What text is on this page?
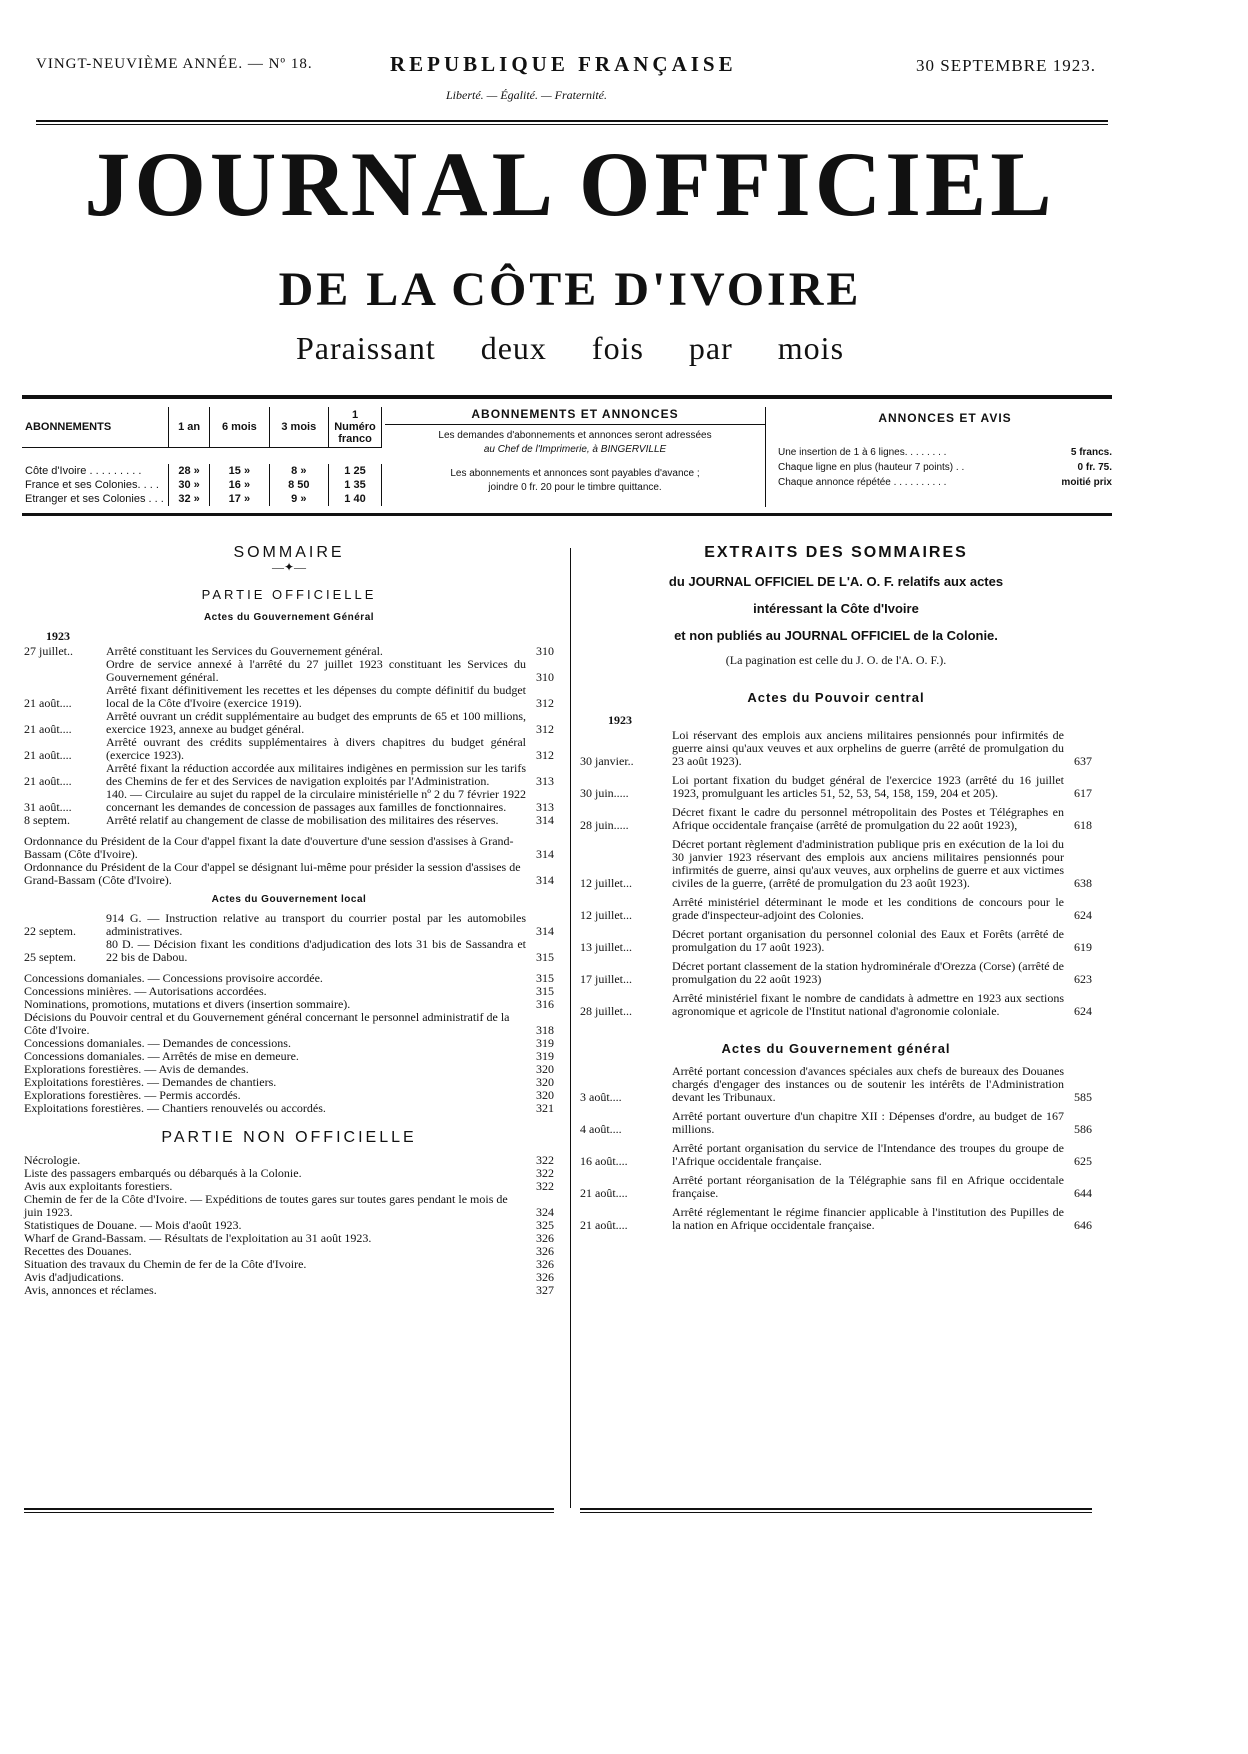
VINGT-NEUVIÈME ANNÉE. — Nº 18.	REPUBLIQUE FRANÇAISE	30 SEPTEMBRE 1923.
Liberté. — Égalité. — Fraternité.
JOURNAL OFFICIEL
DE LA CÔTE D'IVOIRE
Paraissant deux fois par mois
ABONNEMENTS	1 an	6 mois	3 mois	1 Numéro franco

Côte d'Ivoire . . . . . . . . .	28 »	15 »	8 »	1 25
France et ses Colonies. . . .	30 »	16 »	8 50	1 35
Etranger et ses Colonies . . .	32 »	17 »	9 »	1 40
ABONNEMENTS ET ANNONCES
Les demandes d'abonnements et annonces seront adressées
au Chef de l'Imprimerie, à BINGERVILLE
Les abonnements et annonces sont payables d'avance ;
joindre 0 fr. 20 pour le timbre quittance.
ANNONCES ET AVIS
Une insertion de 1 à 6 lignes. . . . . . . .	5 francs.
Chaque ligne en plus (hauteur 7 points) . .	0 fr. 75.
Chaque annonce répétée . . . . . . . . . .	moitié prix
SOMMAIRE
—✦—
PARTIE OFFICIELLE
Actes du Gouvernement Général
1923
27 juillet..	Arrêté constituant les Services du Gouvernement général.	310
Ordre de service annexé à l'arrêté du 27 juillet 1923 constituant les Services du Gouvernement général.	310
21 août....
Arrêté fixant définitivement les recettes et les dépenses du compte définitif du budget local de la Côte d'Ivoire (exercice 1919).	312
21 août....
Arrêté ouvrant un crédit supplémentaire au budget des emprunts de 65 et 100 millions, exercice 1923, annexe au budget général.	312
21 août....
Arrêté ouvrant des crédits supplémentaires à divers chapitres du budget général (exercice 1923).	312
21 août....
Arrêté fixant la réduction accordée aux militaires indigènes en permission sur les tarifs des Chemins de fer et des Services de navigation exploités par l'Administration.	313
31 août....
140. — Circulaire au sujet du rappel de la circulaire ministérielle nº 2 du 7 février 1922 concernant les demandes de concession de passages aux familles de fonctionnaires.	313
8 septem.	Arrêté relatif au changement de classe de mobilisation des militaires des réserves.	314
Ordonnance du Président de la Cour d'appel fixant la date d'ouverture d'une session d'assises à Grand-Bassam (Côte d'Ivoire).	314
Ordonnance du Président de la Cour d'appel se désignant lui-même pour présider la session d'assises de Grand-Bassam (Côte d'Ivoire).	314
Actes du Gouvernement local
22 septem.
914 G. — Instruction relative au transport du courrier postal par les automobiles administratives.	314
25 septem.
80 D. — Décision fixant les conditions d'adjudication des lots 31 bis de Sassandra et 22 bis de Dabou.	315
Concessions domaniales. — Concessions provisoire accordée.	315
Concessions minières. — Autorisations accordées.	315
Nominations, promotions, mutations et divers (insertion sommaire).	316
Décisions du Pouvoir central et du Gouvernement général concernant le personnel administratif de la Côte d'Ivoire.	318
Concessions domaniales. — Demandes de concessions.	319
Concessions domaniales. — Arrêtés de mise en demeure.	319
Explorations forestières. — Avis de demandes.	320
Exploitations forestières. — Demandes de chantiers.	320
Explorations forestières. — Permis accordés.	320
Exploitations forestières. — Chantiers renouvelés ou accordés.	321
PARTIE NON OFFICIELLE
Nécrologie.	322
Liste des passagers embarqués ou débarqués à la Colonie.	322
Avis aux exploitants forestiers.	322
Chemin de fer de la Côte d'Ivoire. — Expéditions de toutes gares sur toutes gares pendant le mois de juin 1923.	324
Statistiques de Douane. — Mois d'août 1923.	325
Wharf de Grand-Bassam. — Résultats de l'exploitation au 31 août 1923.	326
Recettes des Douanes.	326
Situation des travaux du Chemin de fer de la Côte d'Ivoire.	326
Avis d'adjudications.	326
Avis, annonces et réclames.	327
EXTRAITS DES SOMMAIRES
du JOURNAL OFFICIEL DE L'A. O. F. relatifs aux actes
intéressant la Côte d'Ivoire
et non publiés au JOURNAL OFFICIEL de la Colonie.
(La pagination est celle du J. O. de l'A. O. F.).
Actes du Pouvoir central
1923
30 janvier..
Loi réservant des emplois aux anciens militaires pensionnés pour infirmités de guerre ainsi qu'aux veuves et aux orphelins de guerre (arrêté de promulgation du 23 août 1923).	637
30 juin.....
Loi portant fixation du budget général de l'exercice 1923 (arrêté du 16 juillet 1923, promulguant les articles 51, 52, 53, 54, 158, 159, 204 et 205).	617
28 juin.....
Décret fixant le cadre du personnel métropolitain des Postes et Télégraphes en Afrique occidentale française (arrêté de promulgation du 22 août 1923),	618
12 juillet...
Décret portant règlement d'administration publique pris en exécution de la loi du 30 janvier 1923 réservant des emplois aux anciens militaires pensionnés pour infirmités de guerre, ainsi qu'aux veuves, aux orphelins de guerre et aux victimes civiles de la guerre, (arrêté de promulgation du 23 août 1923).	638
12 juillet...
Arrêté ministériel déterminant le mode et les conditions de concours pour le grade d'inspecteur-adjoint des Colonies.	624
13 juillet...
Décret portant organisation du personnel colonial des Eaux et Forêts (arrêté de promulgation du 17 août 1923).	619
17 juillet...
Décret portant classement de la station hydrominérale d'Orezza (Corse) (arrêté de promulgation du 22 août 1923)	623
28 juillet...
Arrêté ministériel fixant le nombre de candidats à admettre en 1923 aux sections agronomique et agricole de l'Institut national d'agronomie coloniale.	624
Actes du Gouvernement général
3 août....
Arrêté portant concession d'avances spéciales aux chefs de bureaux des Douanes chargés d'engager des instances ou de soutenir les intérêts de l'Administration devant les Tribunaux.	585
4 août....
Arrêté portant ouverture d'un chapitre XII : Dépenses d'ordre, au budget de 167 millions.	586
16 août....
Arrêté portant organisation du service de l'Intendance des troupes du groupe de l'Afrique occidentale française.	625
21 août....
Arrêté portant réorganisation de la Télégraphie sans fil en Afrique occidentale française.	644
21 août....
Arrêté réglementant le régime financier applicable à l'institution des Pupilles de la nation en Afrique occidentale française.	646
